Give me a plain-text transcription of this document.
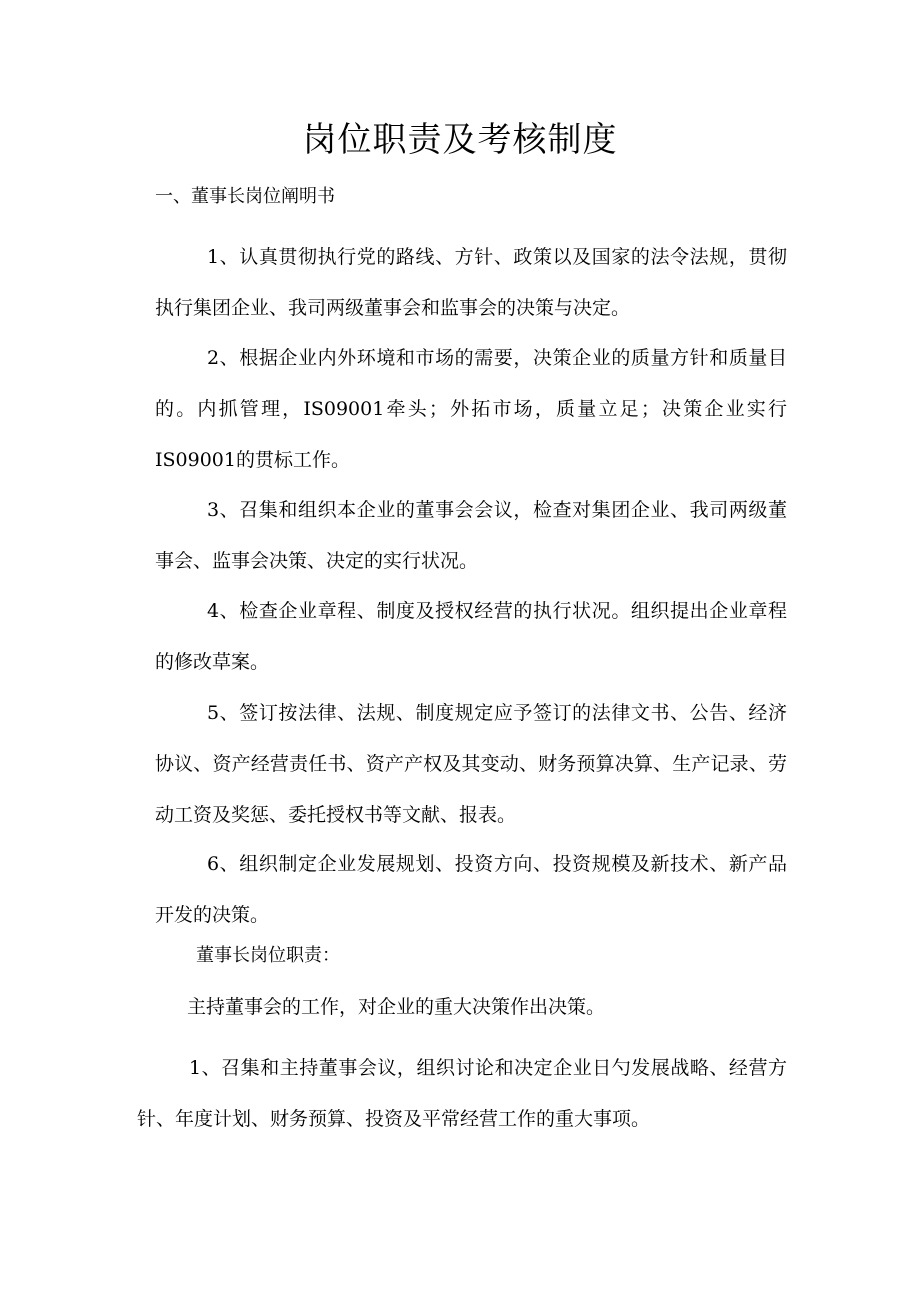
岗位职责及考核制度

一、董事长岗位阐明书

1、认真贯彻执行党的路线、方针、政策以及国家的法令法规，贯彻执行集团企业、我司两级董事会和监事会的决策与决定。

2、根据企业内外环境和市场的需要，决策企业的质量方针和质量目的。内抓管理，IS09001牵头；外拓市场，质量立足；决策企业实行IS09001的贯标工作。

3、召集和组织本企业的董事会会议，检查对集团企业、我司两级董事会、监事会决策、决定的实行状况。

4、检查企业章程、制度及授权经营的执行状况。组织提出企业章程的修改草案。

5、签订按法律、法规、制度规定应予签订的法律文书、公告、经济协议、资产经营责任书、资产产权及其变动、财务预算决算、生产记录、劳动工资及奖惩、委托授权书等文献、报表。

6、组织制定企业发展规划、投资方向、投资规模及新技术、新产品开发的决策。

董事长岗位职责：

主持董事会的工作，对企业的重大决策作出决策。

1、召集和主持董事会议，组织讨论和决定企业日勺发展战略、经营方针、年度计划、财务预算、投资及平常经营工作的重大事项。
